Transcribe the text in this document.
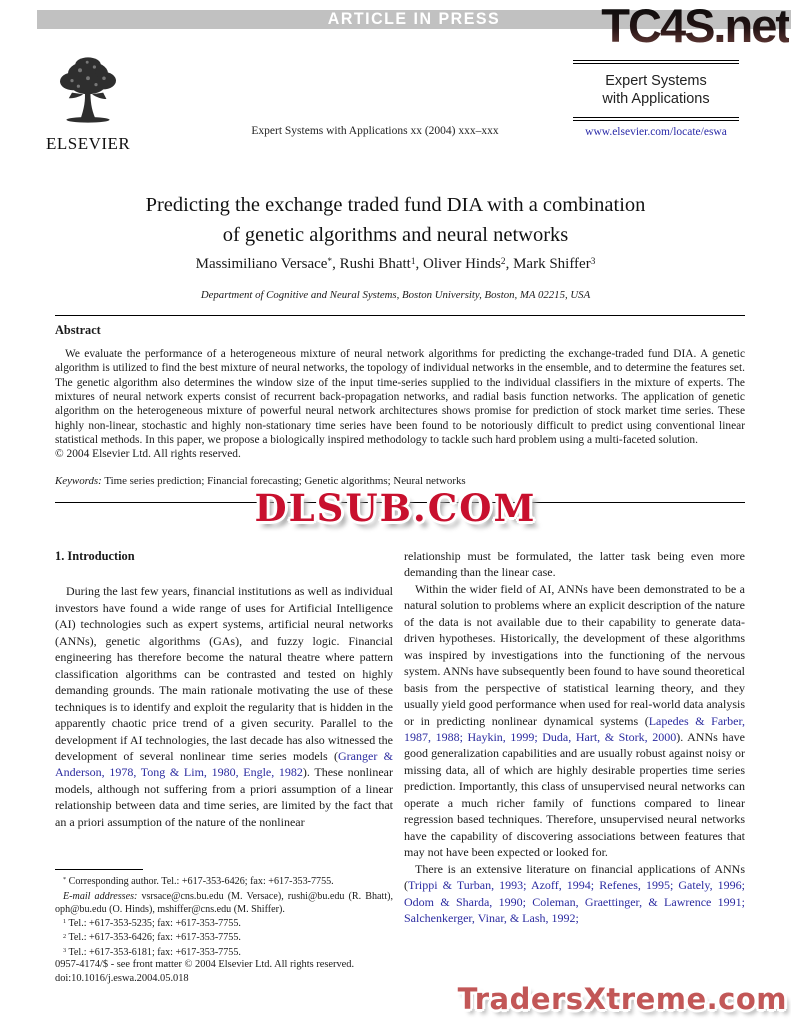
ARTICLE IN PRESS TC4S.net
ELSEVIER
Expert Systems with Applications xx (2004) xxx–xxx
Expert Systems
with Applications
www.elsevier.com/locate/eswa
Predicting the exchange traded fund DIA with a combination
of genetic algorithms and neural networks
Massimiliano Versace*, Rushi Bhatt$^1$, Oliver Hinds$^2$, Mark Shiffer$^3$
Department of Cognitive and Neural Systems, Boston University, Boston, MA 02215, USA
Abstract

We evaluate the performance of a heterogeneous mixture of neural network algorithms for predicting the exchange-traded fund DIA. A genetic algorithm is utilized to find the best mixture of neural networks, the topology of individual networks in the ensemble, and to determine the features set. The genetic algorithm also determines the window size of the input time-series supplied to the individual classifiers in the mixture of experts. The mixtures of neural network experts consist of recurrent back-propagation networks, and radial basis function networks. The application of genetic algorithm on the heterogeneous mixture of powerful neural network architectures shows promise for prediction of stock market time series. These highly non-linear, stochastic and highly non-stationary time series have been found to be notoriously difficult to predict using conventional linear statistical methods. In this paper, we propose a biologically inspired methodology to tackle such hard problem using a multi-faceted solution.

© 2004 Elsevier Ltd. All rights reserved.

Keywords: Time series prediction; Financial forecasting; Genetic algorithms; Neural networks

DLSUB.COM
1. Introduction

During the last few years, financial institutions as well as individual investors have found a wide range of uses for Artificial Intelligence (AI) technologies such as expert systems, artificial neural networks (ANNs), genetic algorithms (GAs), and fuzzy logic. Financial engineering has therefore become the natural theatre where pattern classification algorithms can be contrasted and tested on highly demanding grounds. The main rationale motivating the use of these techniques is to identify and exploit the regularity that is hidden in the apparently chaotic price trend of a given security. Parallel to the development if AI technologies, the last decade has also witnessed the development of several nonlinear time series models (Granger & Anderson, 1978, Tong & Lim, 1980, Engle, 1982). These nonlinear models, although not suffering from a priori assumption of a linear relationship between data and time series, are limited by the fact that an a priori assumption of the nature of the nonlinear

relationship must be formulated, the latter task being even more demanding than the linear case.

Within the wider field of AI, ANNs have been demonstrated to be a natural solution to problems where an explicit description of the nature of the data is not available due to their capability to generate data-driven hypotheses. Historically, the development of these algorithms was inspired by investigations into the functioning of the nervous system. ANNs have subsequently been found to have sound theoretical basis from the perspective of statistical learning theory, and they usually yield good performance when used for real-world data analysis or in predicting nonlinear dynamical systems (Lapedes & Farber, 1987, 1988; Haykin, 1999; Duda, Hart, & Stork, 2000). ANNs have good generalization capabilities and are usually robust against noisy or missing data, all of which are highly desirable properties time series prediction. Importantly, this class of unsupervised neural networks can operate a much richer family of functions compared to linear regression based techniques. Therefore, unsupervised neural networks have the capability of discovering associations between features that may not have been expected or looked for.

There is an extensive literature on financial applications of ANNs (Trippi & Turban, 1993; Azoff, 1994; Refenes, 1995; Gately, 1996; Odom & Sharda, 1990; Coleman, Graettinger, & Lawrence 1991; Salchenkerger, Vinar, & Lash, 1992;

* Corresponding author. Tel.: +617-353-6426; fax: +617-353-7755.

E-mail addresses: vsrsace@cns.bu.edu (M. Versace), rushi@bu.edu (R. Bhatt), oph@bu.edu (O. Hinds), mshiffer@cns.edu (M. Shiffer).

$^1$ Tel.: +617-353-5235; fax: +617-353-7755.

$^2$ Tel.: +617-353-6426; fax: +617-353-7755.

$^3$ Tel.: +617-353-6181; fax: +617-353-7755.

0957-4174/$ - see front matter © 2004 Elsevier Ltd. All rights reserved.
doi:10.1016/j.eswa.2004.05.018
TradersXtreme.com
